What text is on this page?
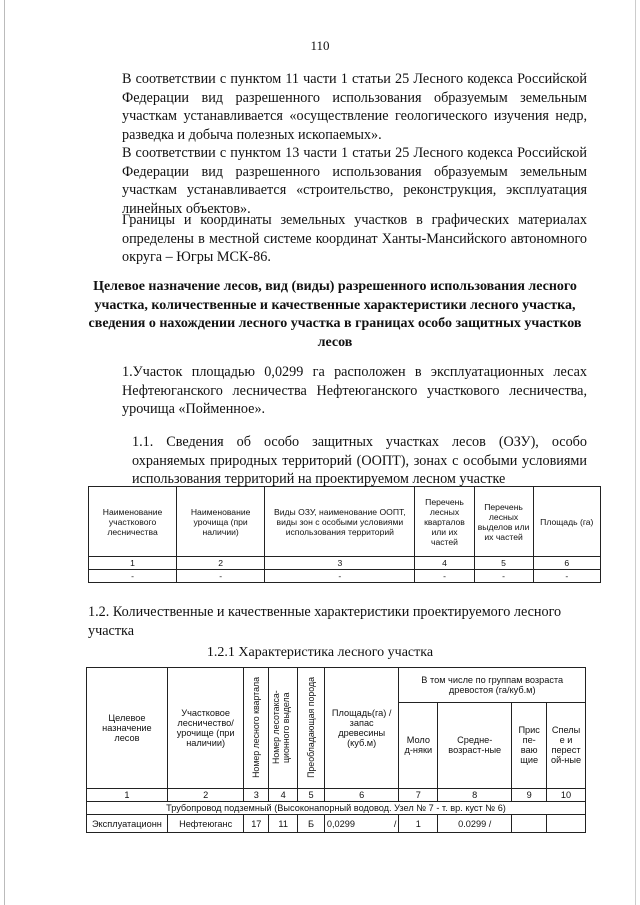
110
В соответствии с пунктом 11 части 1 статьи 25 Лесного кодекса Российской Федерации вид разрешенного использования образуемым земельным участкам устанавливается «осуществление геологического изучения недр, разведка и добыча полезных ископаемых».
В соответствии с пунктом 13 части 1 статьи 25 Лесного кодекса Российской Федерации вид разрешенного использования образуемым земельным участкам устанавливается «строительство, реконструкция, эксплуатация линейных объектов».
Границы и координаты земельных участков в графических материалах определены в местной системе координат Ханты-Мансийского автономного округа – Югры МСК-86.
Целевое назначение лесов, вид (виды) разрешенного использования лесного участка, количественные и качественные характеристики лесного участка, сведения о нахождении лесного участка в границах особо защитных участков лесов
1.Участок площадью 0,0299 га расположен в эксплуатационных лесах Нефтеюганского лесничества Нефтеюганского участкового лесничества, урочища «Пойменное».
1.1. Сведения об особо защитных участках лесов (ОЗУ), особо охраняемых природных территорий (ООПТ), зонах с особыми условиями использования территорий на проектируемом лесном участке
Наименование участкового лесничества	Наименование урочища (при наличии)	Виды ОЗУ, наименование ООПТ, виды зон с особыми условиями использования территорий	Перечень лесных кварталов или их частей	Перечень лесных выделов или их частей	Площадь (га)
1	2	3	4	5	6
-	-	-	-	-	-
1.2. Количественные и качественные характеристики проектируемого лесного участка
1.2.1 Характеристика лесного участка
Целевое назначение лесов	Участковое лесничество/ урочище (при наличии)	Номер лесного квартала	Номер лесотакса-ционного выдела	Преобладающая порода	Площадь(га) / запас древесины (куб.м)	В том числе по группам возраста древостоя (га/куб.м)			
						Моло д-няки	Средне-возраст-ные	Прис пе-ваю щие	Спелы е и перест ой-ные
1	2	3	4	5	6	7	8	9	10
Трубопровод подземный (Высоконапорный водовод. Узел № 7 - т. вр. куст № 6)									
Эксплуатационн	Нефтеюганс	17	11	Б	0,0299 /	1	0.0299 /		
